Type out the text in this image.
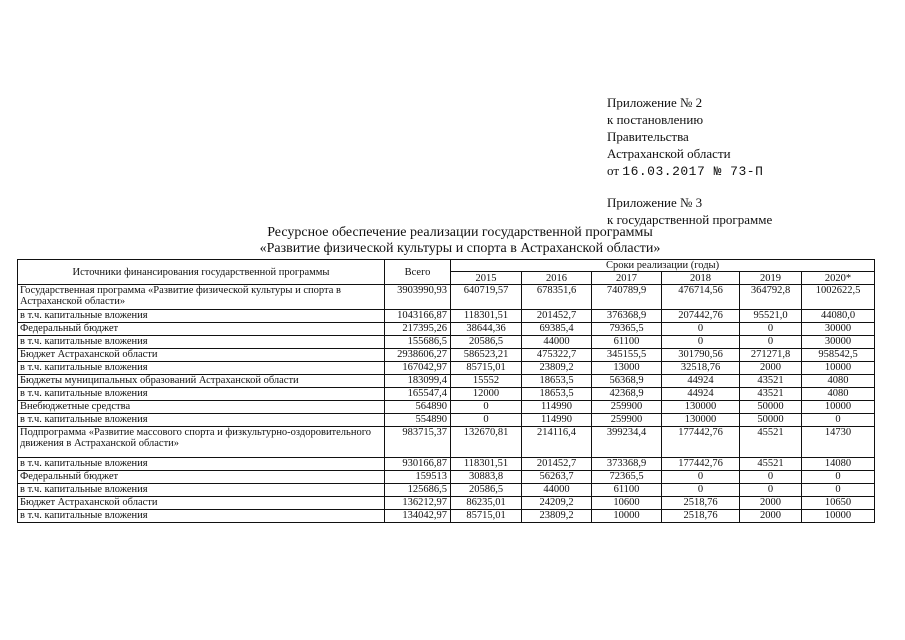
Приложение № 2
к постановлению
Правительства
Астраханской области
от 16.03.2017 № 73-П
Приложение № 3
к государственной программе
Ресурсное обеспечение реализации государственной программы
«Развитие физической культуры и спорта в Астраханской области»
Источники финансирования государственной программы	Всего	Сроки реализации (годы)					
		2015	2016	2017	2018	2019	2020*
Государственная программа «Развитие физической культуры и спорта в Астраханской области»	3903990,93	640719,57	678351,6	740789,9	476714,56	364792,8	1002622,5
в т.ч. капитальные вложения	1043166,87	118301,51	201452,7	376368,9	207442,76	95521,0	44080,0
Федеральный бюджет	217395,26	38644,36	69385,4	79365,5	0	0	30000
в т.ч. капитальные вложения	155686,5	20586,5	44000	61100	0	0	30000
Бюджет Астраханской области	2938606,27	586523,21	475322,7	345155,5	301790,56	271271,8	958542,5
в т.ч. капитальные вложения	167042,97	85715,01	23809,2	13000	32518,76	2000	10000
Бюджеты муниципальных образований Астраханской области	183099,4	15552	18653,5	56368,9	44924	43521	4080
в т.ч. капитальные вложения	165547,4	12000	18653,5	42368,9	44924	43521	4080
Внебюджетные средства	564890	0	114990	259900	130000	50000	10000
в т.ч. капитальные вложения	554890	0	114990	259900	130000	50000	0
Подпрограмма «Развитие массового спорта и физкультурно-оздоровительного движения в Астраханской области»	983715,37	132670,81	214116,4	399234,4	177442,76	45521	14730
в т.ч. капитальные вложения	930166,87	118301,51	201452,7	373368,9	177442,76	45521	14080
Федеральный бюджет	159513	30883,8	56263,7	72365,5	0	0	0
в т.ч. капитальные вложения	125686,5	20586,5	44000	61100	0	0	0
Бюджет Астраханской области	136212,97	86235,01	24209,2	10600	2518,76	2000	10650
в т.ч. капитальные вложения	134042,97	85715,01	23809,2	10000	2518,76	2000	10000
